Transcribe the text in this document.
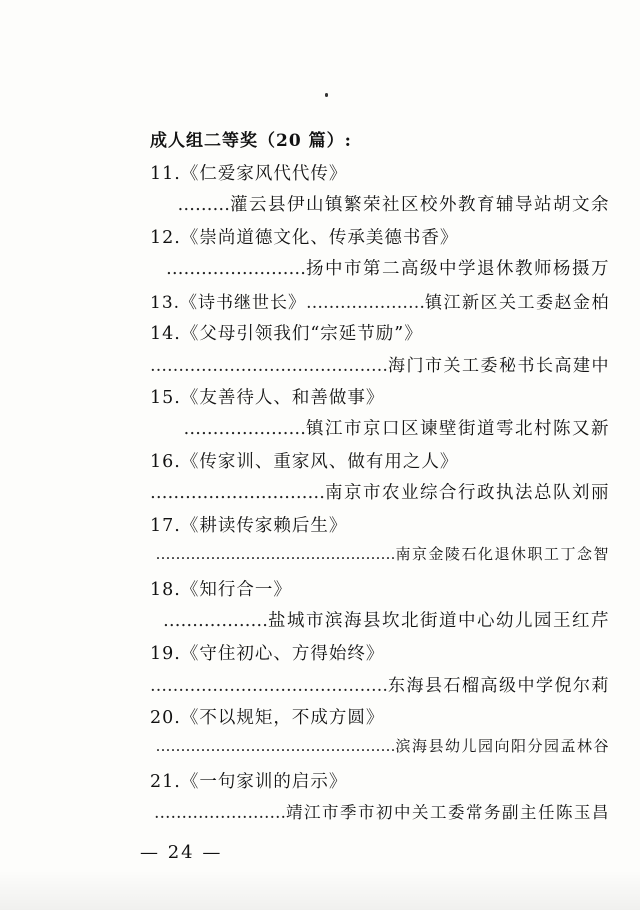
成人组二等奖（20 篇）:
11.《仁爱家风代代传》
………灌云县伊山镇繁荣社区校外教育辅导站胡文余
12.《崇尚道德文化、传承美德书香》
……………………扬中市第二高级中学退休教师杨摄万
13.《诗书继世长》…………………镇江新区关工委赵金柏
14.《父母引领我们“宗延节励”》
……………………………………海门市关工委秘书长高建中
15.《友善待人、和善做事》
…………………镇江市京口区谏壁街道雩北村陈又新
16.《传家训、重家风、做有用之人》
…………………………南京市农业综合行政执法总队刘丽
17.《耕读传家赖后生》
…………………………………………南京金陵石化退休职工丁念智
18.《知行合一》
………………盐城市滨海县坎北街道中心幼儿园王红芹
19.《守住初心、方得始终》
……………………………………东海县石榴高级中学倪尔莉
20.《不以规矩，不成方圆》
…………………………………………滨海县幼儿园向阳分园孟林谷
21.《一句家训的启示》
……………………靖江市季市初中关工委常务副主任陈玉昌
— 24 —
